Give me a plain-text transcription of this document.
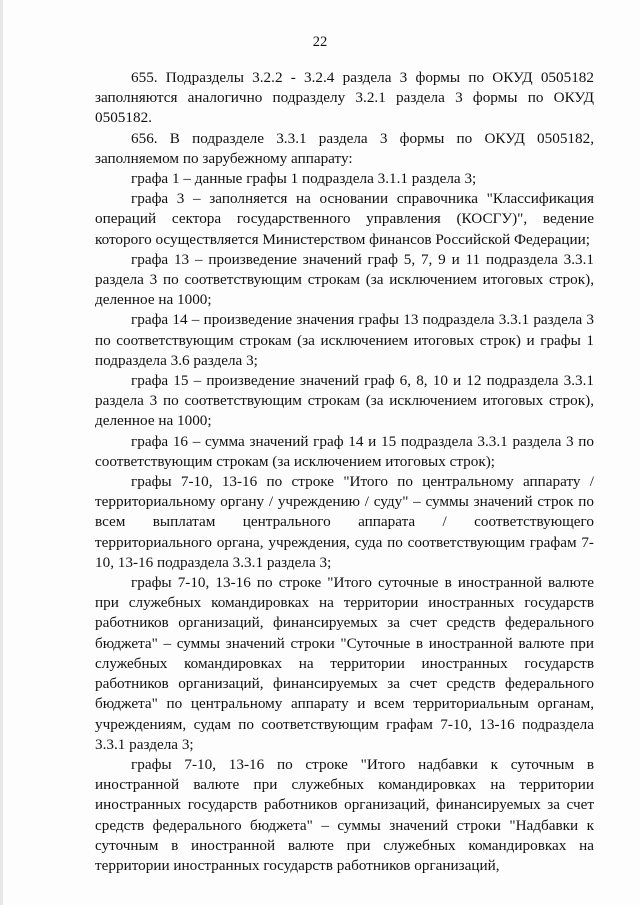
22

655. Подразделы 3.2.2 - 3.2.4 раздела 3 формы по ОКУД 0505182 заполняются аналогично подразделу 3.2.1 раздела 3 формы по ОКУД 0505182.

656. В подразделе 3.3.1 раздела 3 формы по ОКУД 0505182, заполняемом по зарубежному аппарату:

графа 1 – данные графы 1 подраздела 3.1.1 раздела 3;

графа 3 – заполняется на основании справочника "Классификация операций сектора государственного управления (КОСГУ)", ведение которого осуществляется Министерством финансов Российской Федерации;

графа 13 – произведение значений граф 5, 7, 9 и 11 подраздела 3.3.1 раздела 3 по соответствующим строкам (за исключением итоговых строк), деленное на 1000;

графа 14 – произведение значения графы 13 подраздела 3.3.1 раздела 3 по соответствующим строкам (за исключением итоговых строк) и графы 1 подраздела 3.6 раздела 3;

графа 15 – произведение значений граф 6, 8, 10 и 12 подраздела 3.3.1 раздела 3 по соответствующим строкам (за исключением итоговых строк), деленное на 1000;

графа 16 – сумма значений граф 14 и 15 подраздела 3.3.1 раздела 3 по соответствующим строкам (за исключением итоговых строк);

графы 7-10, 13-16 по строке "Итого по центральному аппарату / территориальному органу / учреждению / суду" – суммы значений строк по всем выплатам центрального аппарата / соответствующего территориального органа, учреждения, суда по соответствующим графам 7-10, 13-16 подраздела 3.3.1 раздела 3;

графы 7-10, 13-16 по строке "Итого суточные в иностранной валюте при служебных командировках на территории иностранных государств работников организаций, финансируемых за счет средств федерального бюджета" – суммы значений строки "Суточные в иностранной валюте при служебных командировках на территории иностранных государств работников организаций, финансируемых за счет средств федерального бюджета" по центральному аппарату и всем территориальным органам, учреждениям, судам по соответствующим графам 7-10, 13-16 подраздела 3.3.1 раздела 3;

графы 7-10, 13-16 по строке "Итого надбавки к суточным в иностранной валюте при служебных командировках на территории иностранных государств работников организаций, финансируемых за счет средств федерального бюджета" – суммы значений строки "Надбавки к суточным в иностранной валюте при служебных командировках на территории иностранных государств работников организаций,
